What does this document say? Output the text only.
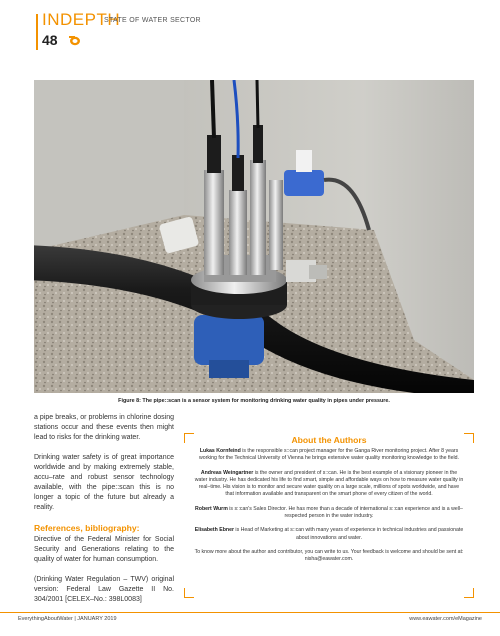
INDEPTH
STATE OF WATER SECTOR
48
Figure 8: The pipe::scan is a sensor system for monitoring drinking water quality in pipes under pressure.

a pipe breaks, or problems in chlorine dosing stations occur and these events then might lead to risks for the drinking water.

Drinking water safety is of great importance worldwide and by making extremely stable, accu–rate and robust sensor technology available, with the pipe::scan this is no longer a topic of the future but already a reality.

References, bibliography:

Directive of the Federal Minister for Social Security and Generations relating to the quality of water for human consumption.

(Drinking Water Regulation – TWV) original version: Federal Law Gazette II No. 304/2001 [CELEX–No.: 398L0083]

About the Authors

Lukas Kornfeind is the responsible s::can project manager for the Ganga River monitoring project. After 8 years working for the Technical University of Vienna he brings extensive water quality monitoring knowledge to the field.

Andreas Weingartner is the owner and president of s::can. He is the best example of a visionary pioneer in the water industry. He has dedicated his life to find smart, simple and affordable ways on how to measure water quality in real–time. His vision is to monitor and secure water quality on a large scale, millions of spots worldwide, and have that information available and transparent on the smart phone of every citizen of the world.

Robert Wurm is s::can's Sales Director. He has more than a decade of international s::can experience and is a well–respected person in the water industry.

Elisabeth Ebner is Head of Marketing at s::can with many years of experience in technical industries and passionate about innovations and water.

To know more about the author and contributor, you can write to us. Your feedback is welcome and should be sent at: nisha@eawater.com.

EverythingAboutWater | JANUARY 2019	www.eawater.com/eMagazine
